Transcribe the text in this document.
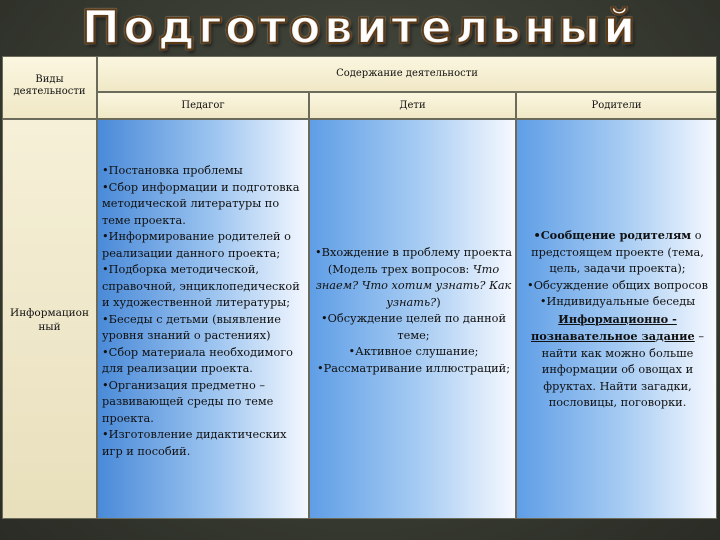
Подготовительный
Виды деятельности
Содержание деятельности
Педагог	Дети	Родители
Информацион ный

• Постановка проблемы

• Сбор информации и подготовка методической литературы по теме проекта.

• Информирование родителей о реализации данного проекта;

• Подборка методической, справочной, энциклопедической и художественной литературы;

• Беседы с детьми (выявление уровня знаний о растениях)

• Сбор материала необходимого для реализации проекта.

• Организация предметно – развивающей среды по теме проекта.

• Изготовление дидактических игр и пособий.

• Вхождение в проблему проекта (Модель трех вопросов: Что знаем? Что хотим узнать? Как узнать?)

• Обсуждение целей по данной теме;

• Активное слушание;

• Рассматривание иллюстраций;

• Сообщение родителям о предстоящем проекте (тема, цель, задачи проекта);

• Обсуждение общих вопросов

• Индивидуальные беседы

Информационно - познавательное задание – найти как можно больше информации об овощах и фруктах. Найти загадки, пословицы, поговорки.
